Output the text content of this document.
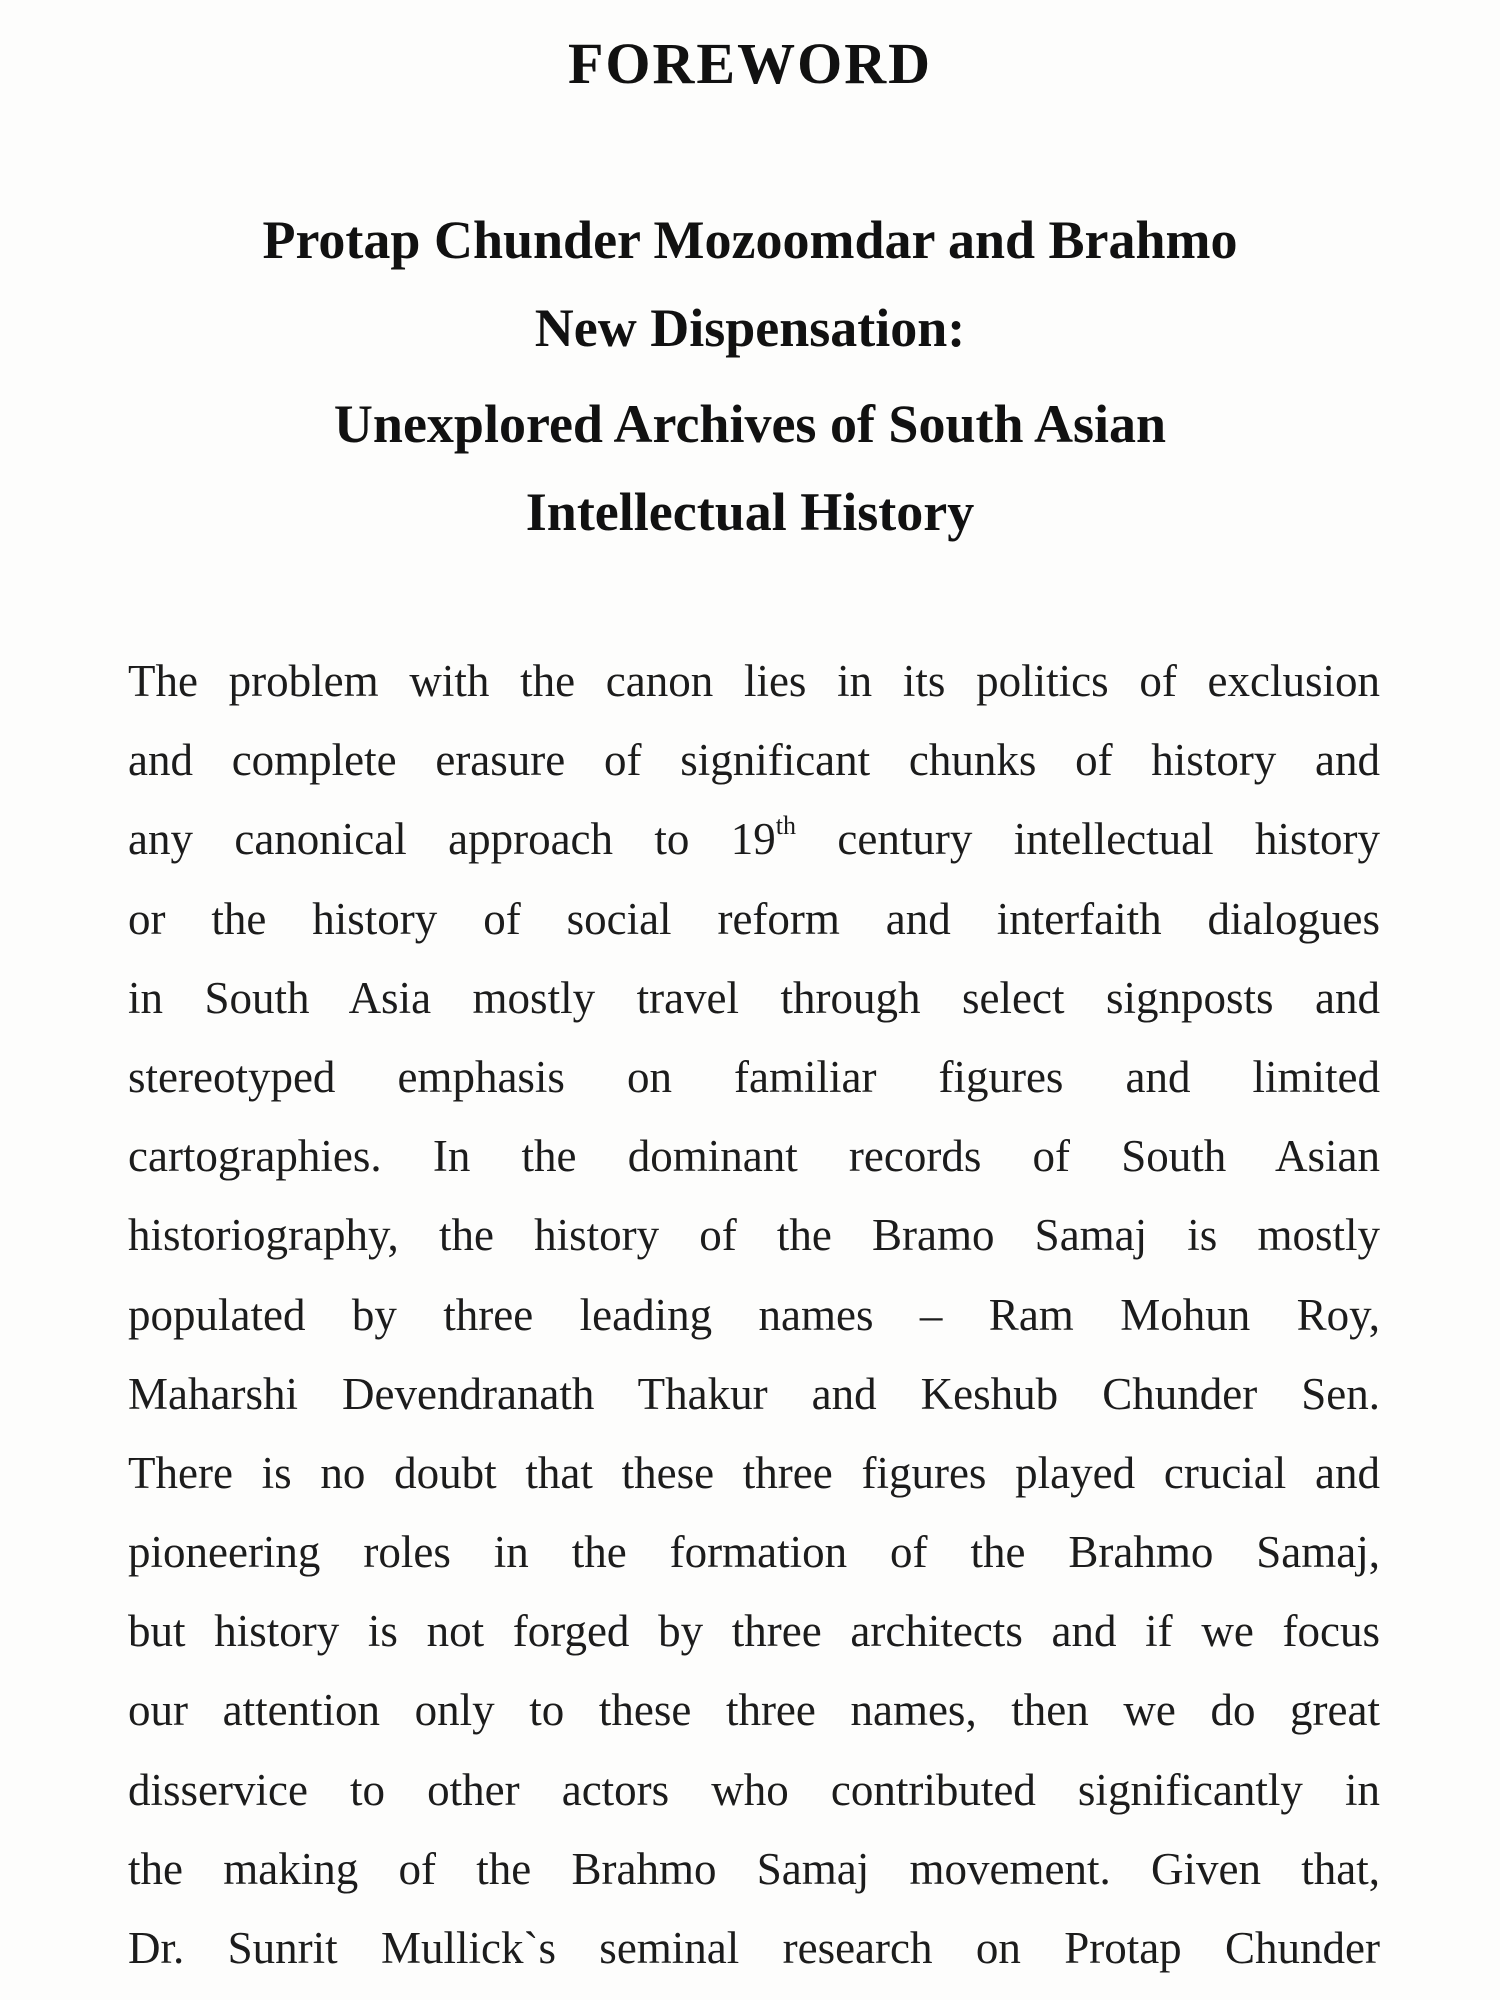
FOREWORD
Protap Chunder Mozoomdar and Brahmo
New Dispensation:
Unexplored Archives of South Asian
Intellectual History
The problem with the canon lies in its politics of exclusion
and complete erasure of significant chunks of history and
any canonical approach to 19th century intellectual history
or the history of social reform and interfaith dialogues
in South Asia mostly travel through select signposts and
stereotyped emphasis on familiar figures and limited
cartographies. In the dominant records of South Asian
historiography, the history of the Bramo Samaj is mostly
populated by three leading names – Ram Mohun Roy,
Maharshi Devendranath Thakur and Keshub Chunder Sen.
There is no doubt that these three figures played crucial and
pioneering roles in the formation of the Brahmo Samaj,
but history is not forged by three architects and if we focus
our attention only to these three names, then we do great
disservice to other actors who contributed significantly in
the making of the Brahmo Samaj movement. Given that,
Dr. Sunrit Mullick`s seminal research on Protap Chunder
